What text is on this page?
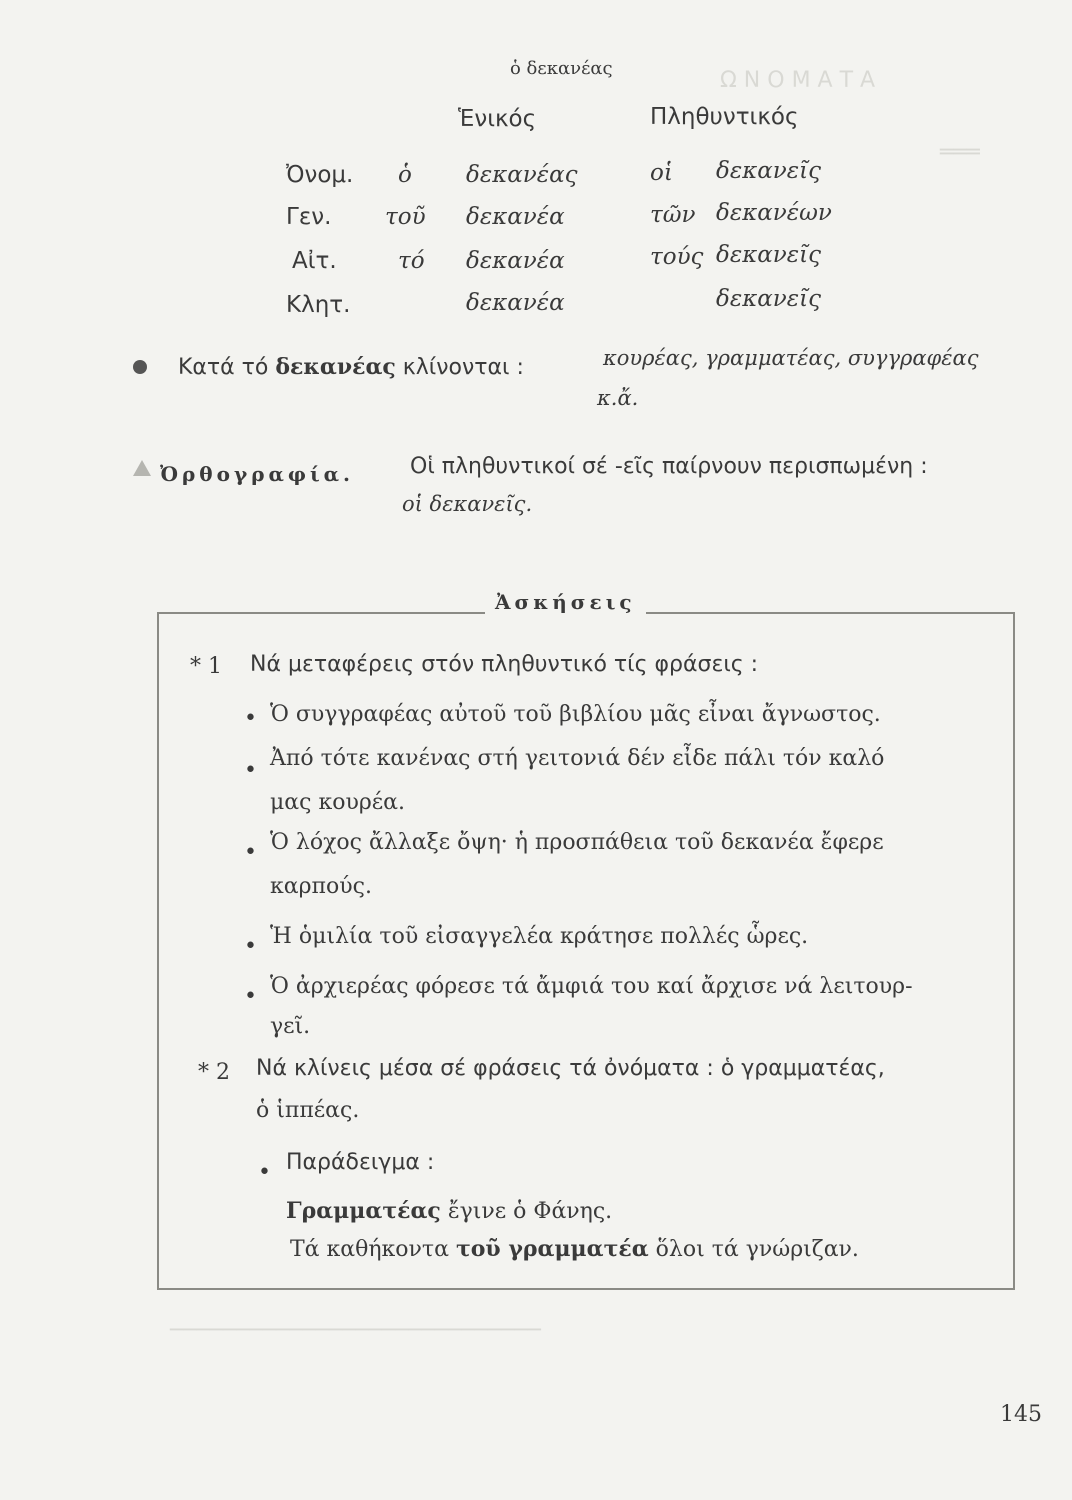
Ω Ν Ο Μ Α Τ Α
═══
────────────────────────────
ὁ δεκανέας
Ἑνικός	Πληθυντικός
Ὀνομ. ὁ δεκανέας	οἱ δεκανεῖς
Γεν. τοῦ δεκανέα	τῶν δεκανέων
Αἰτ.	τό δεκανέα	τούς δεκανεῖς
Κλητ.	δεκανέα	δεκανεῖς
Κατά τό δεκανέας κλίνονται :	κουρέας, γραμματέας, συγγραφέας
κ.ἄ.
Ὀρθογραφία.	Οἱ πληθυντικοί σέ -εῖς παίρνουν περισπωμένη :
οἱ δεκανεῖς.
Ἀσκήσεις
* 1 Νά μεταφέρεις στόν πληθυντικό τίς φράσεις :
• Ὁ συγγραφέας αὐτοῦ τοῦ βιβλίου μᾶς εἶναι ἄγνωστος.
• Ἀπό τότε κανένας στή γειτονιά δέν εἶδε πάλι τόν καλό
μας κουρέα.
• Ὁ λόχος ἄλλαξε ὄψη· ἡ προσπάθεια τοῦ δεκανέα ἔφερε
καρπούς.
• Ἡ ὁμιλία τοῦ εἰσαγγελέα κράτησε πολλές ὧρες.
• Ὁ ἀρχιερέας φόρεσε τά ἄμφιά του καί ἄρχισε νά λειτουρ-
γεῖ.
* 2 Νά κλίνεις μέσα σέ φράσεις τά ὀνόματα : ὁ γραμματέας,
ὁ ἱππέας.
• Παράδειγμα :
Γραμματέας ἔγινε ὁ Φάνης.
Τά καθήκοντα τοῦ γραμματέα ὅλοι τά γνώριζαν.
145
